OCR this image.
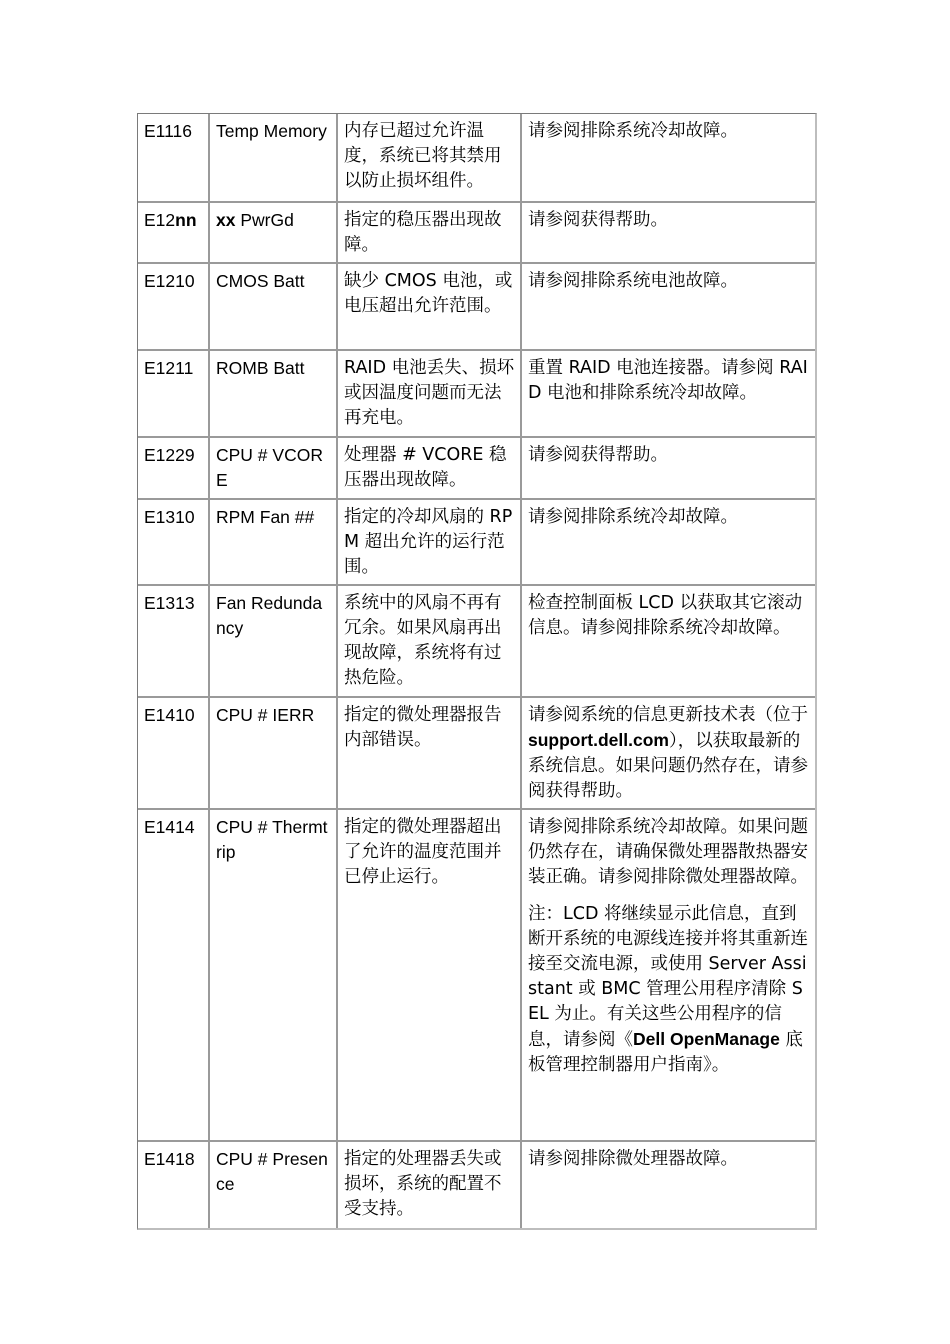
E1116	Temp Memory	内存已超过允许温度，系统已将其禁用以防止损坏组件。	请参阅排除系统冷却故障。
E12nn	xx PwrGd	指定的稳压器出现故障。	请参阅获得帮助。
E1210	CMOS Batt	缺少 CMOS 电池，或电压超出允许范围。	请参阅排除系统电池故障。
E1211	ROMB Batt	RAID 电池丢失、损坏或因温度问题而无法再充电。	重置 RAID 电池连接器。请参阅 RAID 电池和排除系统冷却故障。
E1229	CPU # VCORE	处理器 # VCORE 稳压器出现故障。	请参阅获得帮助。
E1310	RPM Fan ##	指定的冷却风扇的 RPM 超出允许的运行范围。	请参阅排除系统冷却故障。
E1313	Fan Redundancy	系统中的风扇不再有冗余。如果风扇再出现故障，系统将有过热危险。	检查控制面板 LCD 以获取其它滚动信息。请参阅排除系统冷却故障。
E1410	CPU # IERR	指定的微处理器报告内部错误。	请参阅系统的信息更新技术表（位于 support.dell.com），以获取最新的系统信息。如果问题仍然存在，请参阅获得帮助。
E1414	CPU # Thermtrip	指定的微处理器超出了允许的温度范围并已停止运行。	请参阅排除系统冷却故障。如果问题仍然存在，请确保微处理器散热器安装正确。请参阅排除微处理器故障。
注：LCD 将继续显示此信息，直到断开系统的电源线连接并将其重新连接至交流电源，或使用 Server Assistant 或 BMC 管理公用程序清除 SEL 为止。有关这些公用程序的信息，请参阅《Dell OpenManage 底板管理控制器用户指南》。

E1418	CPU # Presence	指定的处理器丢失或损坏，系统的配置不受支持。	请参阅排除微处理器故障。
